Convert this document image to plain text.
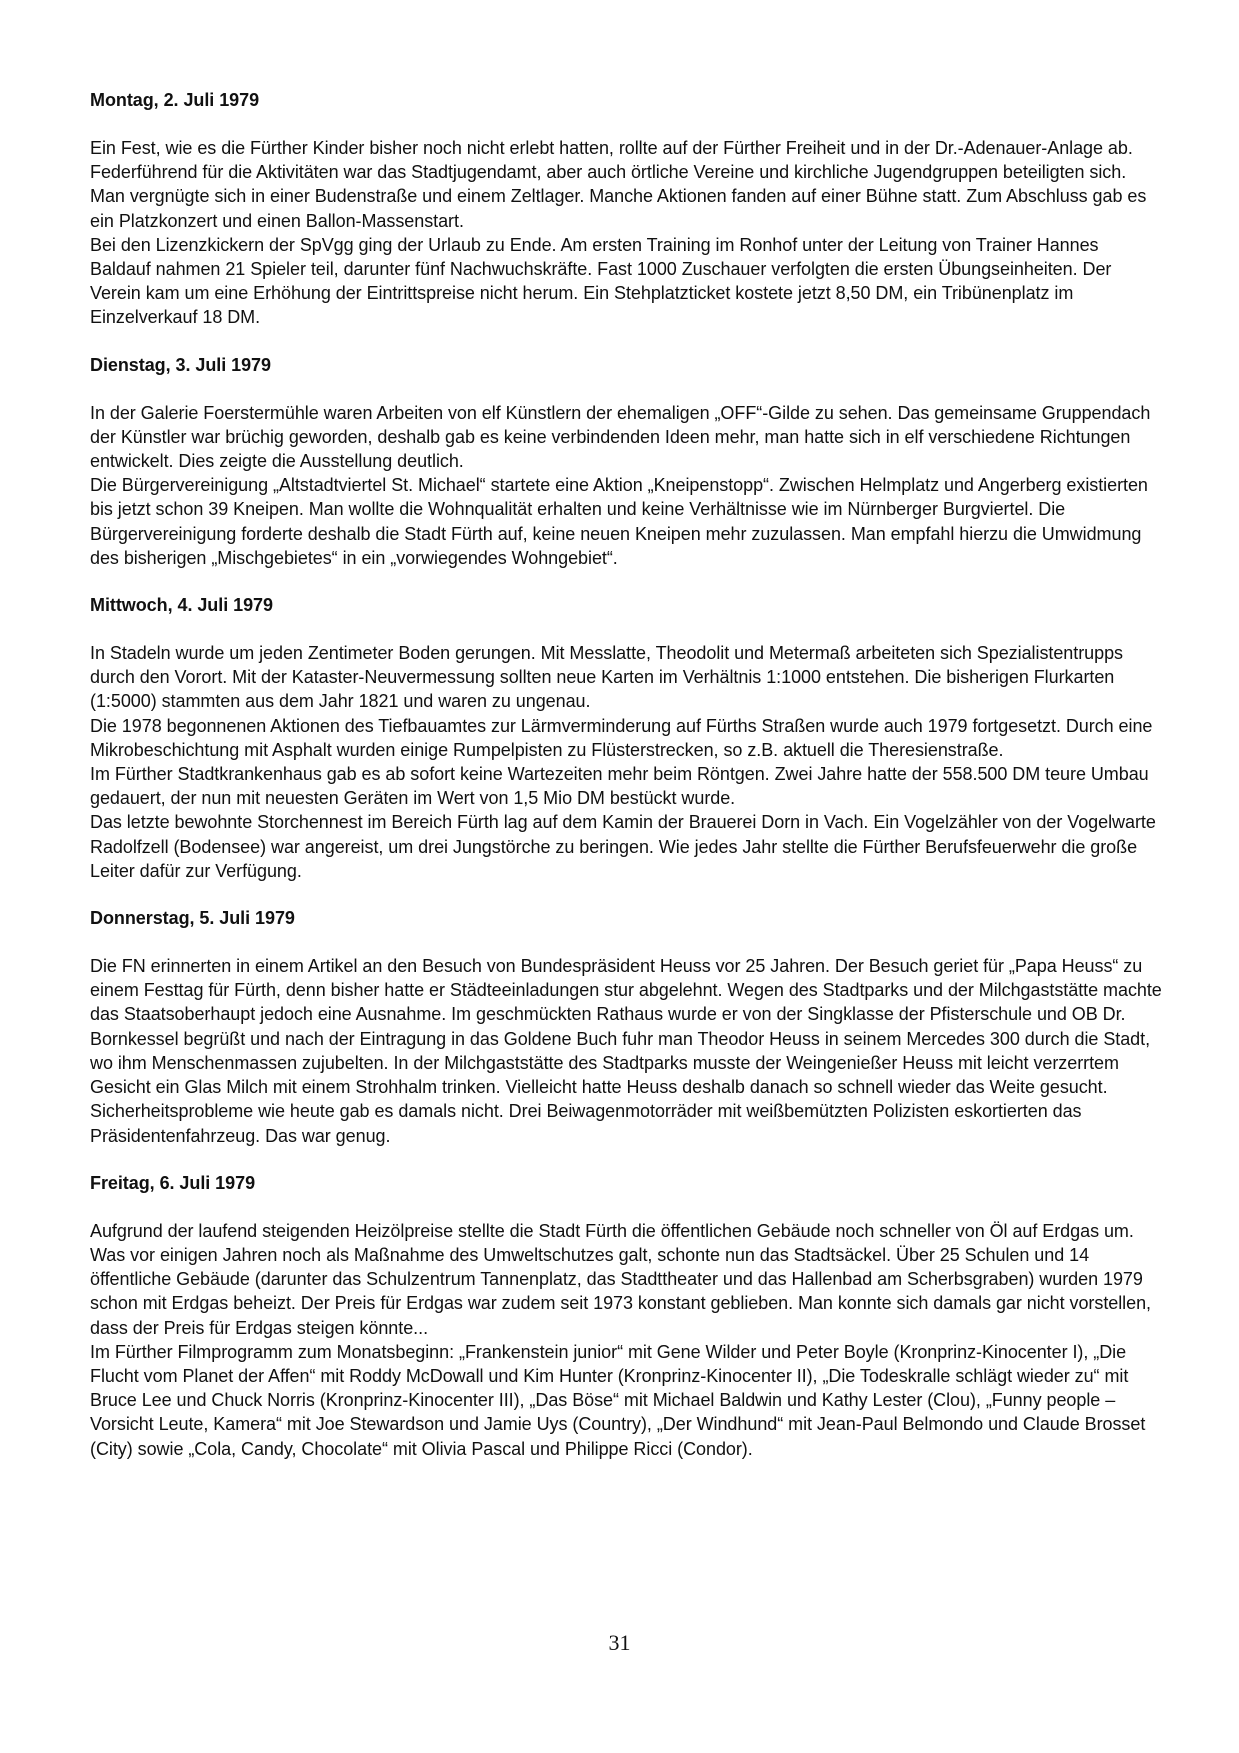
Montag, 2. Juli 1979

Ein Fest, wie es die Fürther Kinder bisher noch nicht erlebt hatten, rollte auf der Fürther Freiheit und in der Dr.-Adenauer-Anlage ab. Federführend für die Aktivitäten war das Stadtjugendamt, aber auch örtliche Vereine und kirchliche Jugendgruppen beteiligten sich. Man vergnügte sich in einer Budenstraße und einem Zeltlager. Manche Aktionen fanden auf einer Bühne statt. Zum Abschluss gab es ein Platzkonzert und einen Ballon-Massenstart.

Bei den Lizenzkickern der SpVgg ging der Urlaub zu Ende. Am ersten Training im Ronhof unter der Leitung von Trainer Hannes Baldauf nahmen 21 Spieler teil, darunter fünf Nachwuchskräfte. Fast 1000 Zuschauer verfolgten die ersten Übungseinheiten. Der Verein kam um eine Erhöhung der Eintrittspreise nicht herum. Ein Stehplatzticket kostete jetzt 8,50 DM, ein Tribünenplatz im Einzelverkauf 18 DM.

Dienstag, 3. Juli 1979

In der Galerie Foerstermühle waren Arbeiten von elf Künstlern der ehemaligen „OFF“-Gilde zu sehen. Das gemeinsame Gruppendach der Künstler war brüchig geworden, deshalb gab es keine verbindenden Ideen mehr, man hatte sich in elf verschiedene Richtungen entwickelt. Dies zeigte die Ausstellung deutlich.

Die Bürgervereinigung „Altstadtviertel St. Michael“ startete eine Aktion „Kneipenstopp“. Zwischen Helmplatz und Angerberg existierten bis jetzt schon 39 Kneipen. Man wollte die Wohnqualität erhalten und keine Verhältnisse wie im Nürnberger Burgviertel. Die Bürgervereinigung forderte deshalb die Stadt Fürth auf, keine neuen Kneipen mehr zuzulassen. Man empfahl hierzu die Umwidmung des bisherigen „Mischgebietes“ in ein „vorwiegendes Wohngebiet“.

Mittwoch, 4. Juli 1979

In Stadeln wurde um jeden Zentimeter Boden gerungen. Mit Messlatte, Theodolit und Metermaß arbeiteten sich Spezialistentrupps durch den Vorort. Mit der Kataster-Neuvermessung sollten neue Karten im Verhältnis 1:1000 entstehen. Die bisherigen Flurkarten (1:5000) stammten aus dem Jahr 1821 und waren zu ungenau.

Die 1978 begonnenen Aktionen des Tiefbauamtes zur Lärmverminderung auf Fürths Straßen wurde auch 1979 fortgesetzt. Durch eine Mikrobeschichtung mit Asphalt wurden einige Rumpelpisten zu Flüsterstrecken, so z.B. aktuell die Theresienstraße.

Im Fürther Stadtkrankenhaus gab es ab sofort keine Wartezeiten mehr beim Röntgen. Zwei Jahre hatte der 558.500 DM teure Umbau gedauert, der nun mit neuesten Geräten im Wert von 1,5 Mio DM bestückt wurde.

Das letzte bewohnte Storchennest im Bereich Fürth lag auf dem Kamin der Brauerei Dorn in Vach. Ein Vogelzähler von der Vogelwarte Radolfzell (Bodensee) war angereist, um drei Jungstörche zu beringen. Wie jedes Jahr stellte die Fürther Berufsfeuerwehr die große Leiter dafür zur Verfügung.

Donnerstag, 5. Juli 1979

Die FN erinnerten in einem Artikel an den Besuch von Bundespräsident Heuss vor 25 Jahren. Der Besuch geriet für „Papa Heuss“ zu einem Festtag für Fürth, denn bisher hatte er Städteeinladungen stur abgelehnt. Wegen des Stadtparks und der Milchgaststätte machte das Staatsoberhaupt jedoch eine Ausnahme. Im geschmückten Rathaus wurde er von der Singklasse der Pfisterschule und OB Dr. Bornkessel begrüßt und nach der Eintragung in das Goldene Buch fuhr man Theodor Heuss in seinem Mercedes 300 durch die Stadt, wo ihm Menschenmassen zujubelten. In der Milchgaststätte des Stadtparks musste der Weingenießer Heuss mit leicht verzerrtem Gesicht ein Glas Milch mit einem Strohhalm trinken. Vielleicht hatte Heuss deshalb danach so schnell wieder das Weite gesucht. Sicherheitsprobleme wie heute gab es damals nicht. Drei Beiwagenmotorräder mit weißbemützten Polizisten eskortierten das Präsidentenfahrzeug. Das war genug.

Freitag, 6. Juli 1979

Aufgrund der laufend steigenden Heizölpreise stellte die Stadt Fürth die öffentlichen Gebäude noch schneller von Öl auf Erdgas um. Was vor einigen Jahren noch als Maßnahme des Umweltschutzes galt, schonte nun das Stadtsäckel. Über 25 Schulen und 14 öffentliche Gebäude (darunter das Schulzentrum Tannenplatz, das Stadttheater und das Hallenbad am Scherbsgraben) wurden 1979 schon mit Erdgas beheizt. Der Preis für Erdgas war zudem seit 1973 konstant geblieben. Man konnte sich damals gar nicht vorstellen, dass der Preis für Erdgas steigen könnte...

Im Fürther Filmprogramm zum Monatsbeginn: „Frankenstein junior“ mit Gene Wilder und Peter Boyle (Kronprinz-Kinocenter I), „Die Flucht vom Planet der Affen“ mit Roddy McDowall und Kim Hunter (Kronprinz-Kinocenter II), „Die Todeskralle schlägt wieder zu“ mit Bruce Lee und Chuck Norris (Kronprinz-Kinocenter III), „Das Böse“ mit Michael Baldwin und Kathy Lester (Clou), „Funny people – Vorsicht Leute, Kamera“ mit Joe Stewardson und Jamie Uys (Country), „Der Windhund“ mit Jean-Paul Belmondo und Claude Brosset (City) sowie „Cola, Candy, Chocolate“ mit Olivia Pascal und Philippe Ricci (Condor).

31
